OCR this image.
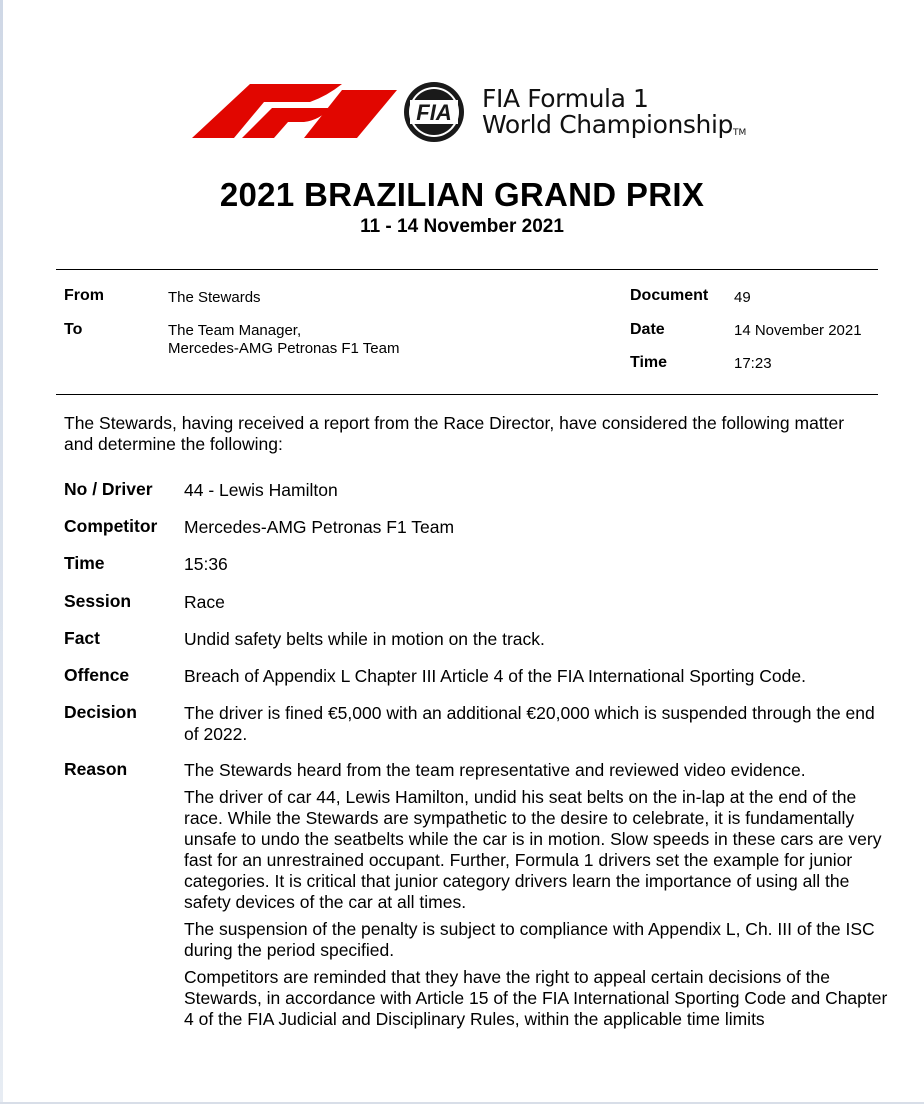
FIA FIA Formula 1
World ChampionshipTM
2021 BRAZILIAN GRAND PRIX
11 - 14 November 2021
From	The Stewards
To	The Team Manager,
Mercedes-AMG Petronas F1 Team
Document 49
Date	14 November 2021
Time	17:23
The Stewards, having received a report from the Race Director, have considered the following matter and determine the following:
No / Driver 44 - Lewis Hamilton
Competitor Mercedes-AMG Petronas F1 Team
Time	15:36
Session	Race
Fact	Undid safety belts while in motion on the track.
Offence	Breach of Appendix L Chapter III Article 4 of the FIA International Sporting Code.
Decision	The driver is fined €5,000 with an additional €20,000 which is suspended through the end of 2022.
Reason	The Stewards heard from the team representative and reviewed video evidence.

The driver of car 44, Lewis Hamilton, undid his seat belts on the in-lap at the end of the race. While the Stewards are sympathetic to the desire to celebrate, it is fundamentally unsafe to undo the seatbelts while the car is in motion. Slow speeds in these cars are very fast for an unrestrained occupant. Further, Formula 1 drivers set the example for junior categories. It is critical that junior category drivers learn the importance of using all the safety devices of the car at all times.

The suspension of the penalty is subject to compliance with Appendix L, Ch. III of the ISC during the period specified.

Competitors are reminded that they have the right to appeal certain decisions of the Stewards, in accordance with Article 15 of the FIA International Sporting Code and Chapter 4 of the FIA Judicial and Disciplinary Rules, within the applicable time limits
